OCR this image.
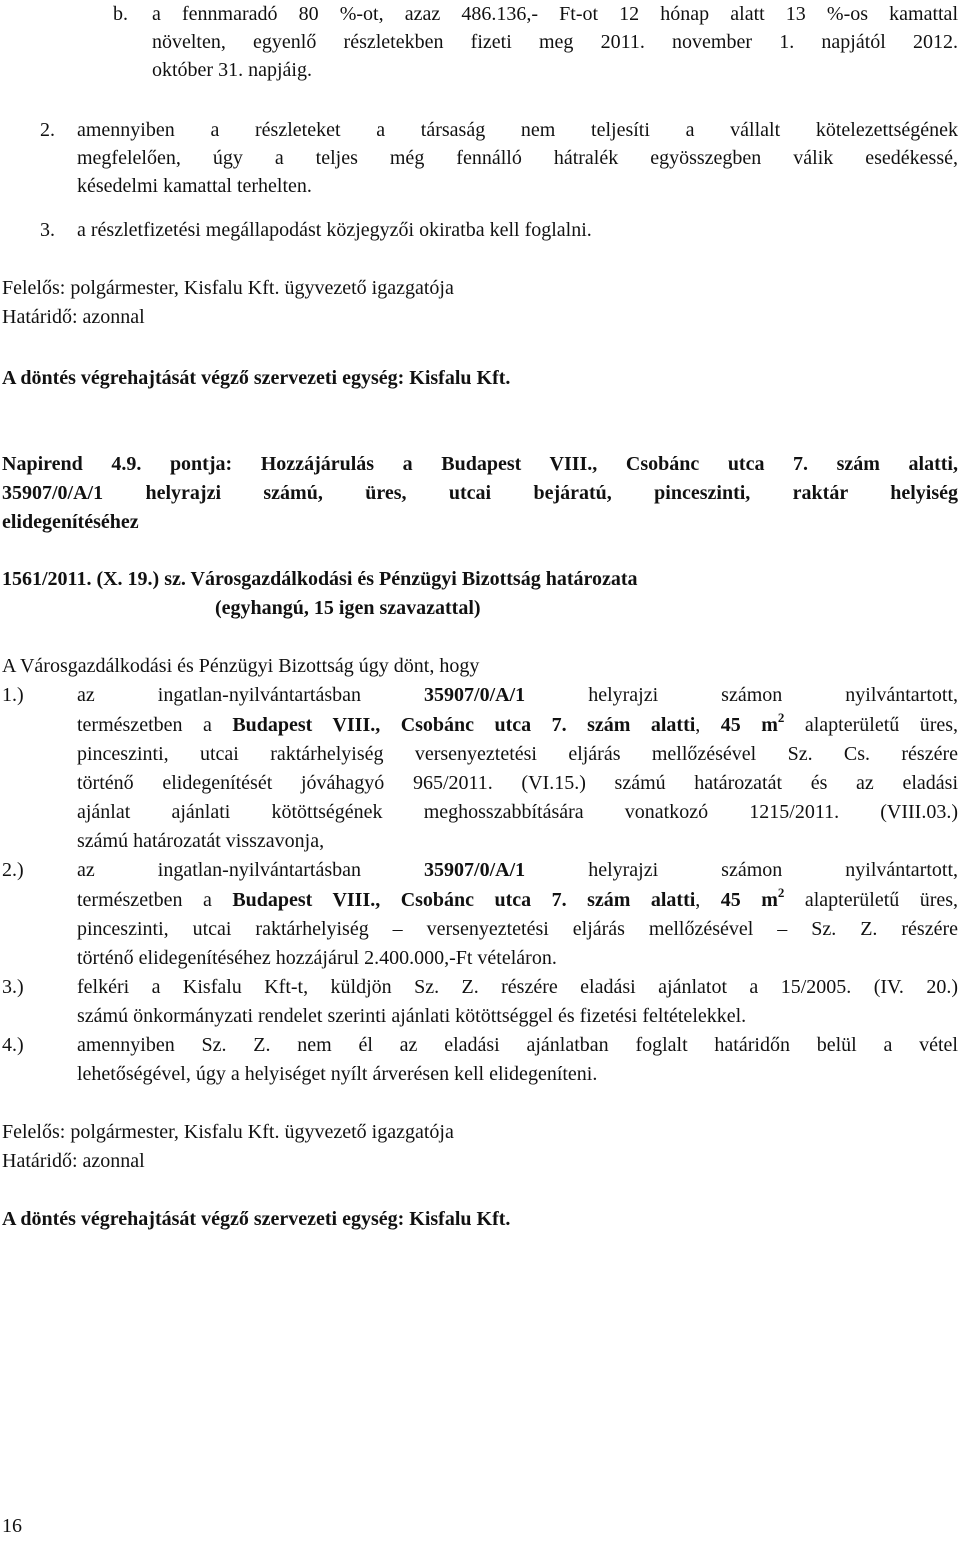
b. a fennmaradó 80 %-ot, azaz 486.136,- Ft-ot 12 hónap alatt 13 %-os kamattal
növelten, egyenlő részletekben fizeti meg 2011. november 1. napjától 2012.
október 31. napjáig.
2. amennyiben a részleteket a társaság nem teljesíti a vállalt kötelezettségének
megfelelően, úgy a teljes még fennálló hátralék egyösszegben válik esedékessé,
késedelmi kamattal terhelten.
3. a részletfizetési megállapodást közjegyzői okiratba kell foglalni.
Felelős: polgármester, Kisfalu Kft. ügyvezető igazgatója
Határidő: azonnal
A döntés végrehajtását végző szervezeti egység: Kisfalu Kft.
Napirend 4.9. pontja: Hozzájárulás a Budapest VIII., Csobánc utca 7. szám alatti,
35907/0/A/1 helyrajzi számú, üres, utcai bejáratú, pinceszinti, raktár helyiség
elidegenítéséhez
1561/2011. (X. 19.) sz. Városgazdálkodási és Pénzügyi Bizottság határozata
(egyhangú, 15 igen szavazattal)
A Városgazdálkodási és Pénzügyi Bizottság úgy dönt, hogy
1.)	az ingatlan-nyilvántartásban	35907/0/A/1	helyrajzi számon nyilvántartott,
természetben a Budapest VIII., Csobánc utca 7. szám alatti, 45 $m^2$ alapterületű üres,
pinceszinti, utcai raktárhelyiség versenyeztetési eljárás mellőzésével Sz. Cs. részére
történő elidegenítését jóváhagyó 965/2011. (VI.15.) számú határozatát és az eladási
ajánlat ajánlati kötöttségének meghosszabbítására vonatkozó 1215/2011. (VIII.03.)
számú határozatát visszavonja,
2.)	az ingatlan-nyilvántartásban	35907/0/A/1	helyrajzi számon nyilvántartott,
természetben a Budapest VIII., Csobánc utca 7. szám alatti, 45 $m^2$ alapterületű üres,
pinceszinti, utcai raktárhelyiség – versenyeztetési eljárás mellőzésével – Sz. Z. részére
történő elidegenítéséhez hozzájárul 2.400.000,-Ft vételáron.
3.)	felkéri a Kisfalu Kft-t, küldjön Sz. Z. részére eladási ajánlatot a 15/2005. (IV. 20.)
számú önkormányzati rendelet szerinti ajánlati kötöttséggel és fizetési feltételekkel.
4.)	amennyiben Sz. Z. nem él az eladási ajánlatban foglalt határidőn belül a vétel
lehetőségével, úgy a helyiséget nyílt árverésen kell elidegeníteni.
Felelős: polgármester, Kisfalu Kft. ügyvezető igazgatója
Határidő: azonnal
A döntés végrehajtását végző szervezeti egység: Kisfalu Kft.
16
